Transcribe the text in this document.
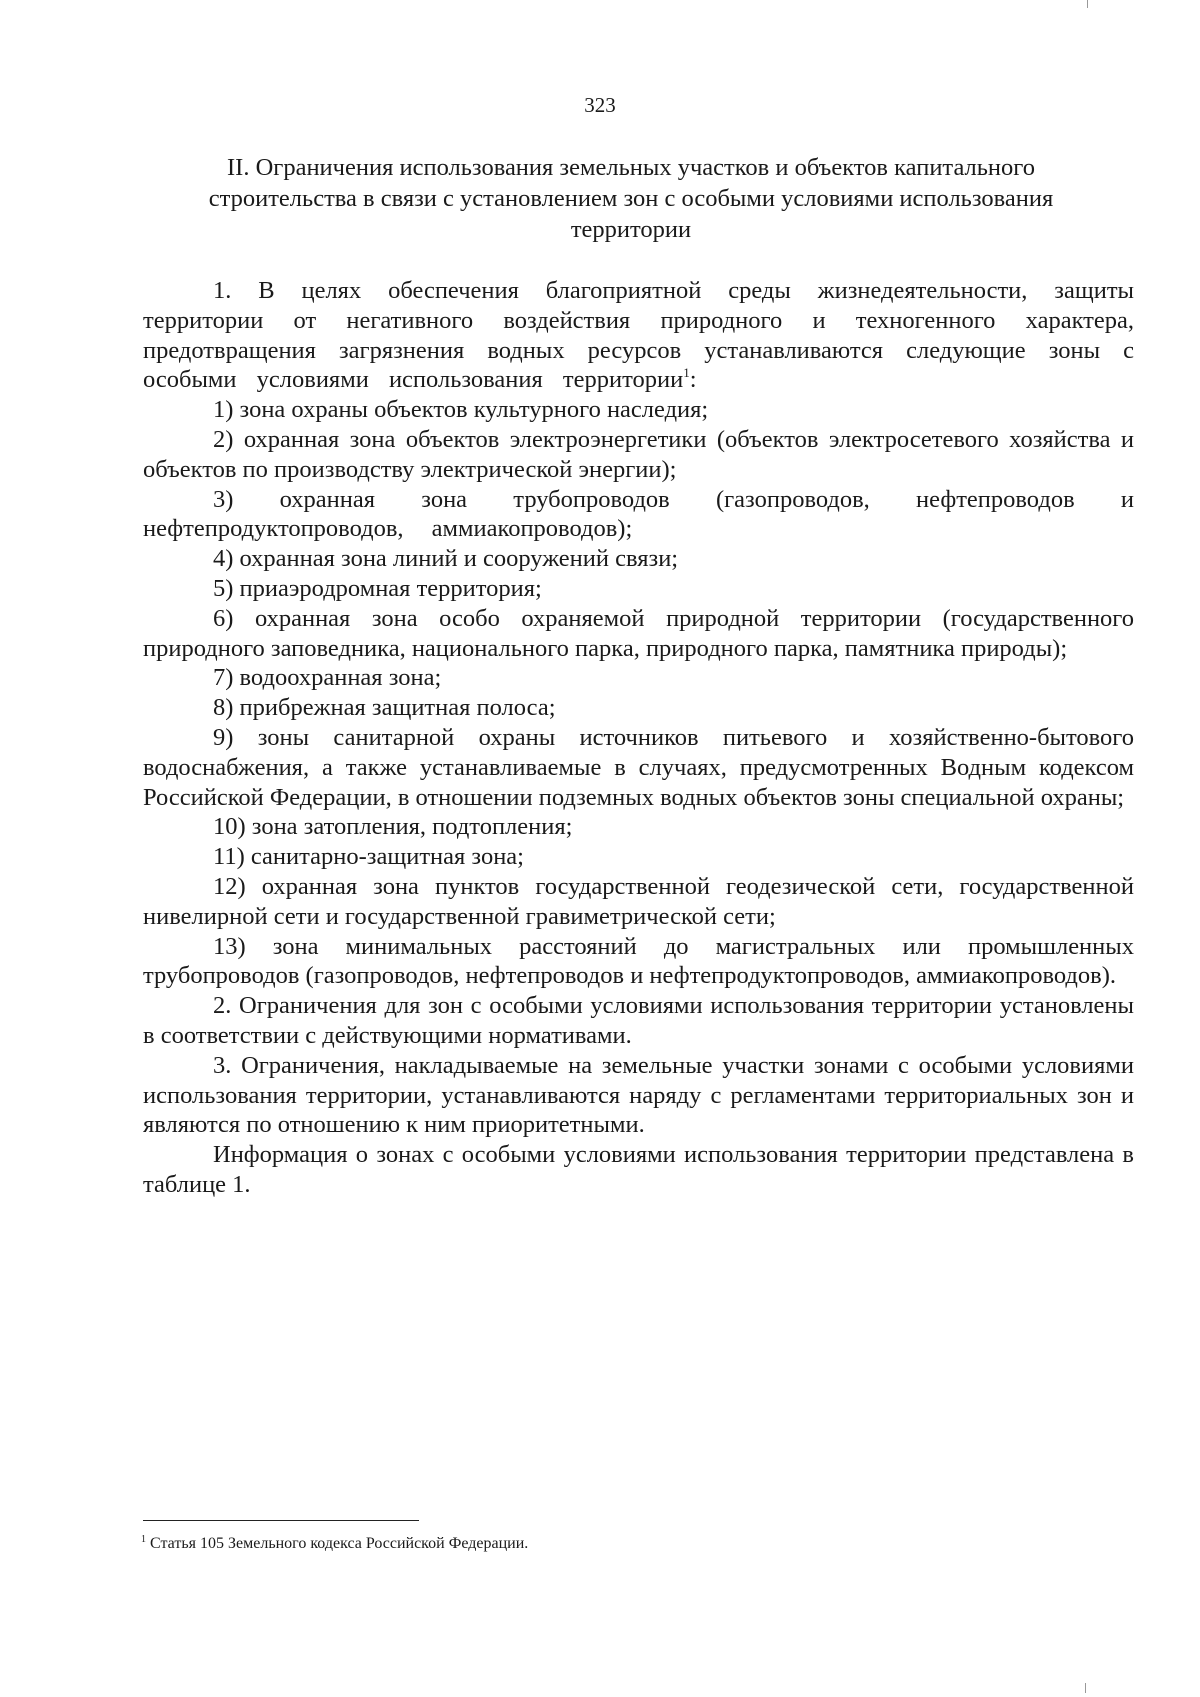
323
II. Ограничения использования земельных участков и объектов капитального
строительства в связи с установлением зон с особыми условиями использования
территории

1. В целях обеспечения благоприятной среды жизнедеятельности, защиты территории от негативного воздействия природного и техногенного характера, предотвращения загрязнения водных ресурсов устанавливаются следующие зоны с особыми условиями использования территории$^1$:

1) зона охраны объектов культурного наследия;

2) охранная зона объектов электроэнергетики (объектов электросетевого хозяйства и объектов по производству электрической энергии);

3) охранная зона трубопроводов (газопроводов, нефтепроводов и нефтепродуктопроводов, аммиакопроводов);

4) охранная зона линий и сооружений связи;

5) приаэродромная территория;

6) охранная зона особо охраняемой природной территории (государственного природного заповедника, национального парка, природного парка, памятника природы);

7) водоохранная зона;

8) прибрежная защитная полоса;

9) зоны санитарной охраны источников питьевого и хозяйственно-бытового водоснабжения, а также устанавливаемые в случаях, предусмотренных Водным кодексом Российской Федерации, в отношении подземных водных объектов зоны специальной охраны;

10) зона затопления, подтопления;

11) санитарно-защитная зона;

12) охранная зона пунктов государственной геодезической сети, государственной нивелирной сети и государственной гравиметрической сети;

13) зона минимальных расстояний до магистральных или промышленных трубопроводов (газопроводов, нефтепроводов и нефтепродуктопроводов, аммиакопроводов).

2. Ограничения для зон с особыми условиями использования территории установлены в соответствии с действующими нормативами.

3. Ограничения, накладываемые на земельные участки зонами с особыми условиями использования территории, устанавливаются наряду с регламентами территориальных зон и являются по отношению к ним приоритетными.

Информация о зонах с особыми условиями использования территории представлена в таблице 1.

$^1$ Статья 105 Земельного кодекса Российской Федерации.
